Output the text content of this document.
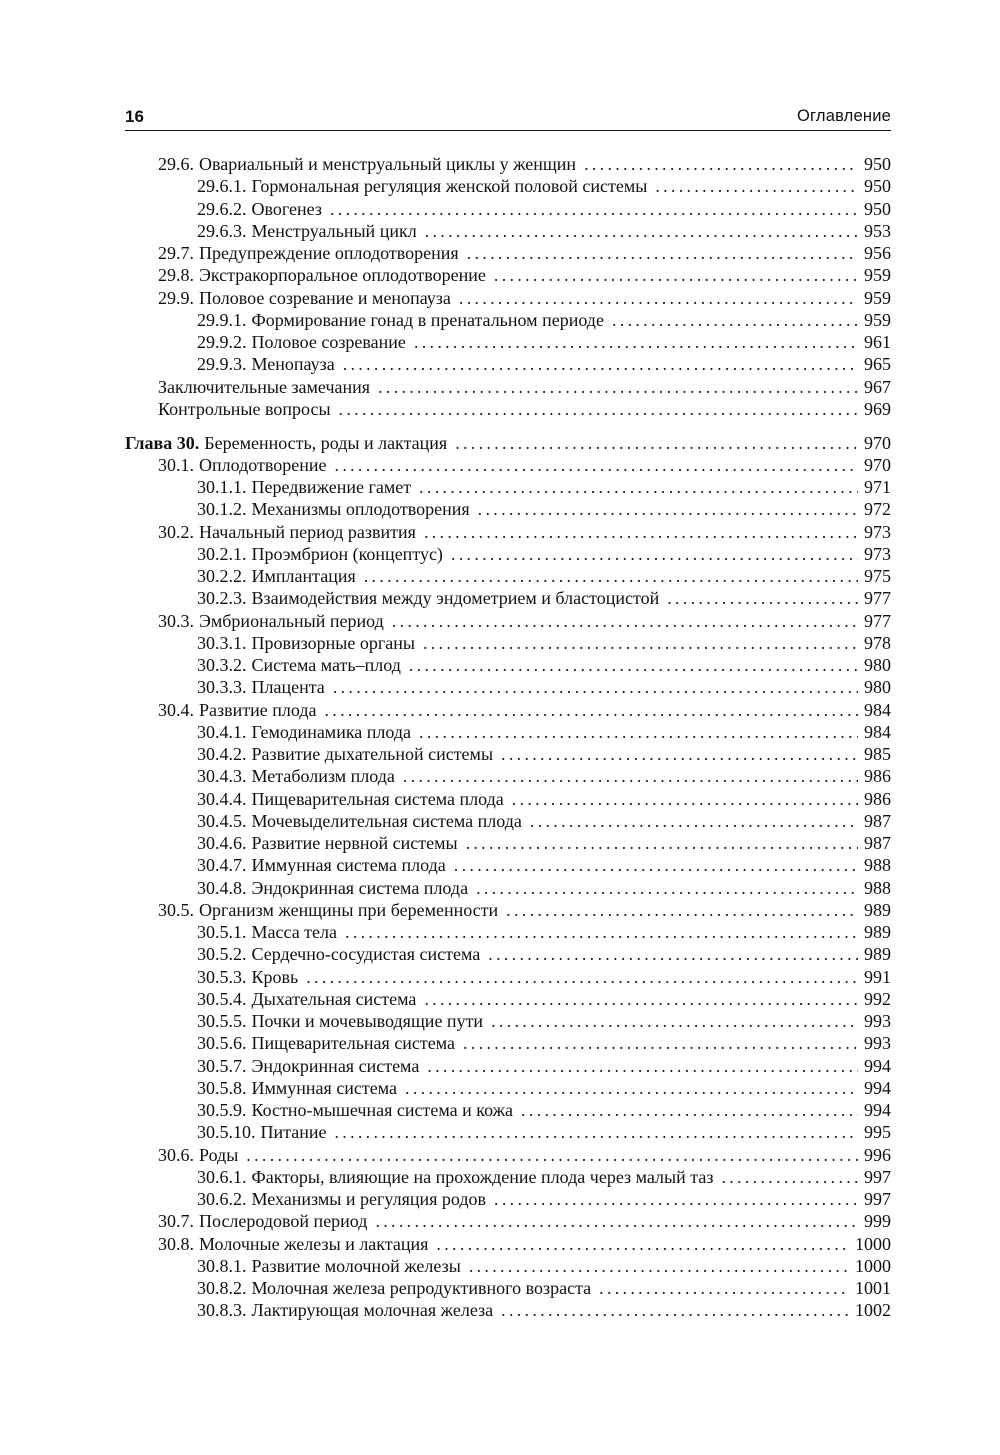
16	Оглавление
29.6. Овариальный и менструальный циклы у женщин .....	950
29.6.1. Гормональная регуляция женской половой системы .....	950
29.6.2. Овогенез .....	950
29.6.3. Менструальный цикл .....	953
29.7. Предупреждение оплодотворения .....	956
29.8. Экстракорпоральное оплодотворение .....	959
29.9. Половое созревание и менопауза .....	959
29.9.1. Формирование гонад в пренатальном периоде .....	959
29.9.2. Половое созревание .....	961
29.9.3. Менопауза .....	965
Заключительные замечания .....	967
Контрольные вопросы .....	969
Глава 30. Беременность, роды и лактация .....	970
30.1. Оплодотворение .....	970
30.1.1. Передвижение гамет .....	971
30.1.2. Механизмы оплодотворения .....	972
30.2. Начальный период развития .....	973
30.2.1. Проэмбрион (концептус) .....	973
30.2.2. Имплантация .....	975
30.2.3. Взаимодействия между эндометрием и бластоцистой .....	977
30.3. Эмбриональный период .....	977
30.3.1. Провизорные органы .....	978
30.3.2. Система мать–плод .....	980
30.3.3. Плацента .....	980
30.4. Развитие плода .....	984
30.4.1. Гемодинамика плода .....	984
30.4.2. Развитие дыхательной системы .....	985
30.4.3. Метаболизм плода .....	986
30.4.4. Пищеварительная система плода .....	986
30.4.5. Мочевыделительная система плода .....	987
30.4.6. Развитие нервной системы .....	987
30.4.7. Иммунная система плода .....	988
30.4.8. Эндокринная система плода .....	988
30.5. Организм женщины при беременности .....	989
30.5.1. Масса тела .....	989
30.5.2. Сердечно-сосудистая система .....	989
30.5.3. Кровь .....	991
30.5.4. Дыхательная система .....	992
30.5.5. Почки и мочевыводящие пути .....	993
30.5.6. Пищеварительная система .....	993
30.5.7. Эндокринная система .....	994
30.5.8. Иммунная система .....	994
30.5.9. Костно-мышечная система и кожа .....	994
30.5.10. Питание .....	995
30.6. Роды .....	996
30.6.1. Факторы, влияющие на прохождение плода через малый таз .....	997
30.6.2. Механизмы и регуляция родов .....	997
30.7. Послеродовой период .....	999
30.8. Молочные железы и лактация .....	1000
30.8.1. Развитие молочной железы .....	1000
30.8.2. Молочная железа репродуктивного возраста .....	1001
30.8.3. Лактирующая молочная железа .....	1002
